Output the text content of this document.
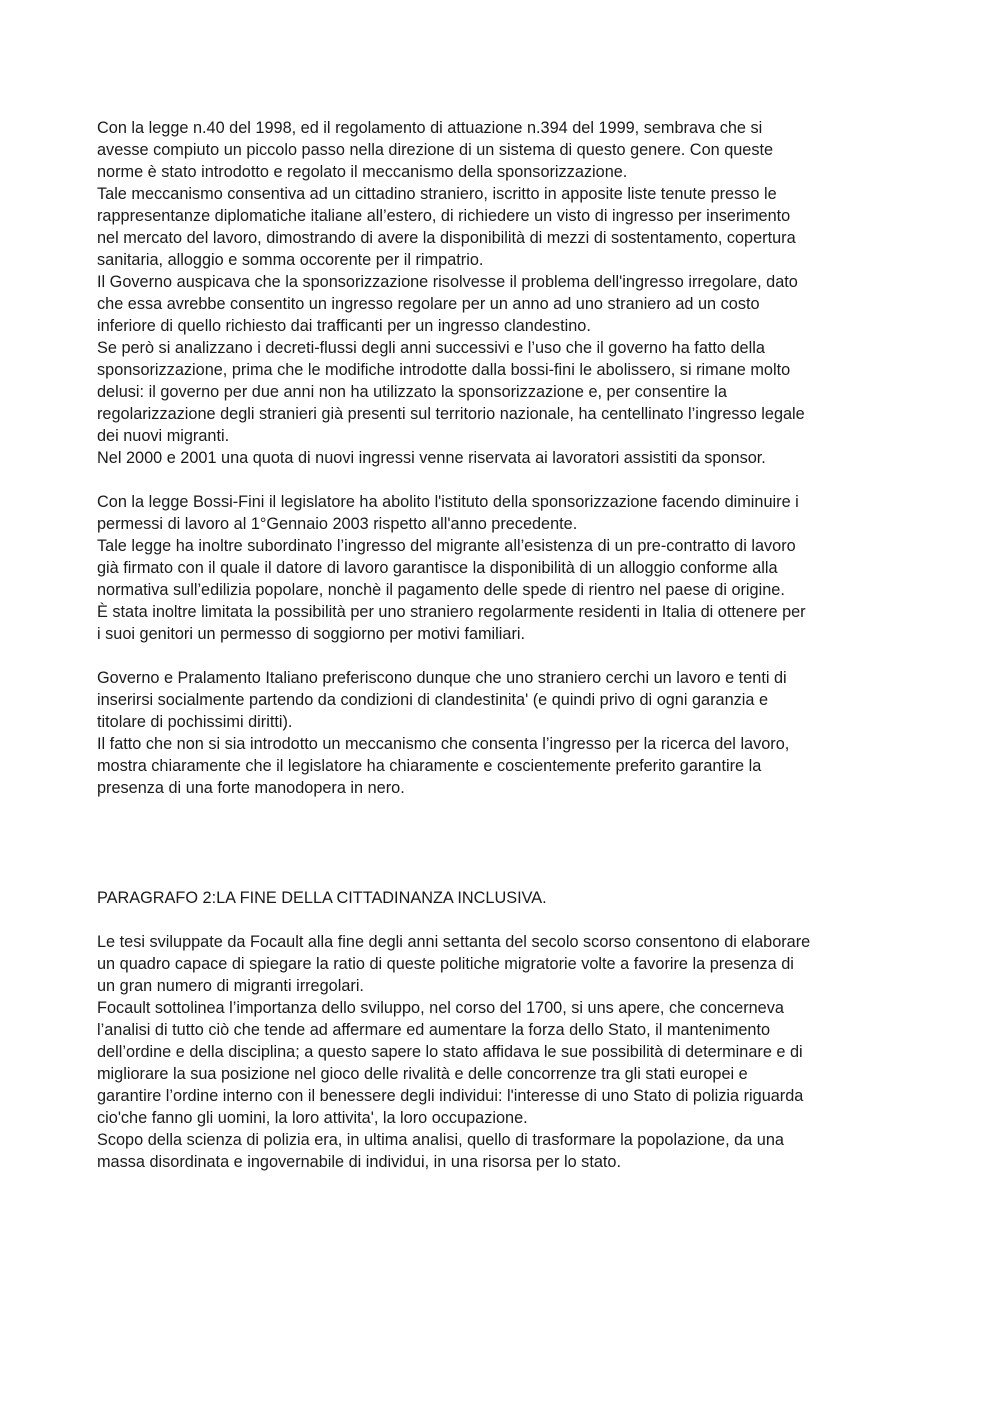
Con la legge n.40 del 1998, ed il regolamento di attuazione n.394 del 1999, sembrava che si
avesse compiuto un piccolo passo nella direzione di un sistema di questo genere. Con queste
norme è stato introdotto e regolato il meccanismo della sponsorizzazione.
Tale meccanismo consentiva ad un cittadino straniero, iscritto in apposite liste tenute presso le
rappresentanze diplomatiche italiane all’estero, di richiedere un visto di ingresso per inserimento
nel mercato del lavoro, dimostrando di avere la disponibilità di mezzi di sostentamento, copertura
sanitaria, alloggio e somma occorente per il rimpatrio.
Il Governo auspicava che la sponsorizzazione risolvesse il problema dell'ingresso irregolare, dato
che essa avrebbe consentito un ingresso regolare per un anno ad uno straniero ad un costo
inferiore di quello richiesto dai trafficanti per un ingresso clandestino.
Se però si analizzano i decreti-flussi degli anni successivi e l’uso che il governo ha fatto della
sponsorizzazione, prima che le modifiche introdotte dalla bossi-fini le abolissero, si rimane molto
delusi: il governo per due anni non ha utilizzato la sponsorizzazione e, per consentire la
regolarizzazione degli stranieri già presenti sul territorio nazionale, ha centellinato l’ingresso legale
dei nuovi migranti.
Nel 2000 e 2001 una quota di nuovi ingressi venne riservata ai lavoratori assistiti da sponsor.
Con la legge Bossi-Fini il legislatore ha abolito l'istituto della sponsorizzazione facendo diminuire i
permessi di lavoro al 1°Gennaio 2003 rispetto all'anno precedente.
Tale legge ha inoltre subordinato l’ingresso del migrante all’esistenza di un pre-contratto di lavoro
già firmato con il quale il datore di lavoro garantisce la disponibilità di un alloggio conforme alla
normativa sull’edilizia popolare, nonchè il pagamento delle spede di rientro nel paese di origine.
È stata inoltre limitata la possibilità per uno straniero regolarmente residenti in Italia di ottenere per
i suoi genitori un permesso di soggiorno per motivi familiari.
Governo e Pralamento Italiano preferiscono dunque che uno straniero cerchi un lavoro e tenti di
inserirsi socialmente partendo da condizioni di clandestinita' (e quindi privo di ogni garanzia e
titolare di pochissimi diritti).
Il fatto che non si sia introdotto un meccanismo che consenta l’ingresso per la ricerca del lavoro,
mostra chiaramente che il legislatore ha chiaramente e coscientemente preferito garantire la
presenza di una forte manodopera in nero.
PARAGRAFO 2:LA FINE DELLA CITTADINANZA INCLUSIVA.
Le tesi sviluppate da Focault alla fine degli anni settanta del secolo scorso consentono di elaborare
un quadro capace di spiegare la ratio di queste politiche migratorie volte a favorire la presenza di
un gran numero di migranti irregolari.
Focault sottolinea l’importanza dello sviluppo, nel corso del 1700, si uns apere, che concerneva
l’analisi di tutto ciò che tende ad affermare ed aumentare la forza dello Stato, il mantenimento
dell’ordine e della disciplina; a questo sapere lo stato affidava le sue possibilità di determinare e di
migliorare la sua posizione nel gioco delle rivalità e delle concorrenze tra gli stati europei e
garantire l’ordine interno con il benessere degli individui: l'interesse di uno Stato di polizia riguarda
cio'che fanno gli uomini, la loro attivita', la loro occupazione.
Scopo della scienza di polizia era, in ultima analisi, quello di trasformare la popolazione, da una
massa disordinata e ingovernabile di individui, in una risorsa per lo stato.
